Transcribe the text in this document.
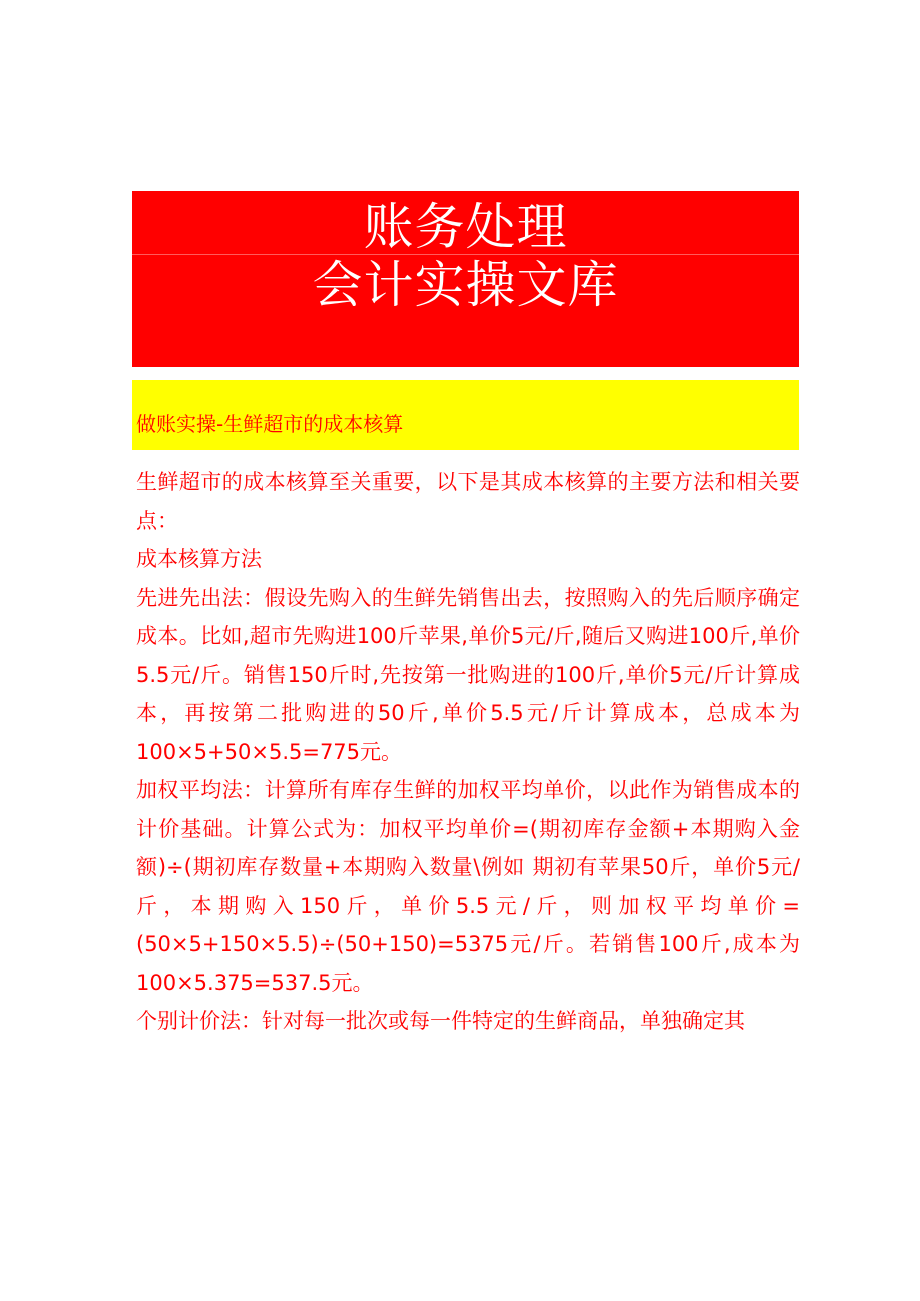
账务处理
会计实操文库
做账实操-生鲜超市的成本核算

生鲜超市的成本核算至关重要，以下是其成本核算的主要方法和相关要点：

成本核算方法

先进先出法：假设先购入的生鲜先销售出去，按照购入的先后顺序确定成本。比如,超市先购进100斤苹果,单价5元/斤,随后又购进100斤,单价5.5元/斤。销售150斤时,先按第一批购进的100斤,单价5元/斤计算成本，再按第二批购进的50斤,单价5.5元/斤计算成本，总成本为100×5+50×5.5=775元。

加权平均法：计算所有库存生鲜的加权平均单价，以此作为销售成本的计价基础。计算公式为：加权平均单价=(期初库存金额+本期购入金额)÷(期初库存数量+本期购入数量\例如 期初有苹果50斤，单价5元/斤，本期购入150斤，单价5.5元/斤，则加权平均单价=(50×5+150×5.5)÷(50+150)=5375元/斤。若销售100斤,成本为100×5.375=537.5元。

个别计价法：针对每一批次或每一件特定的生鲜商品，单独确定其
